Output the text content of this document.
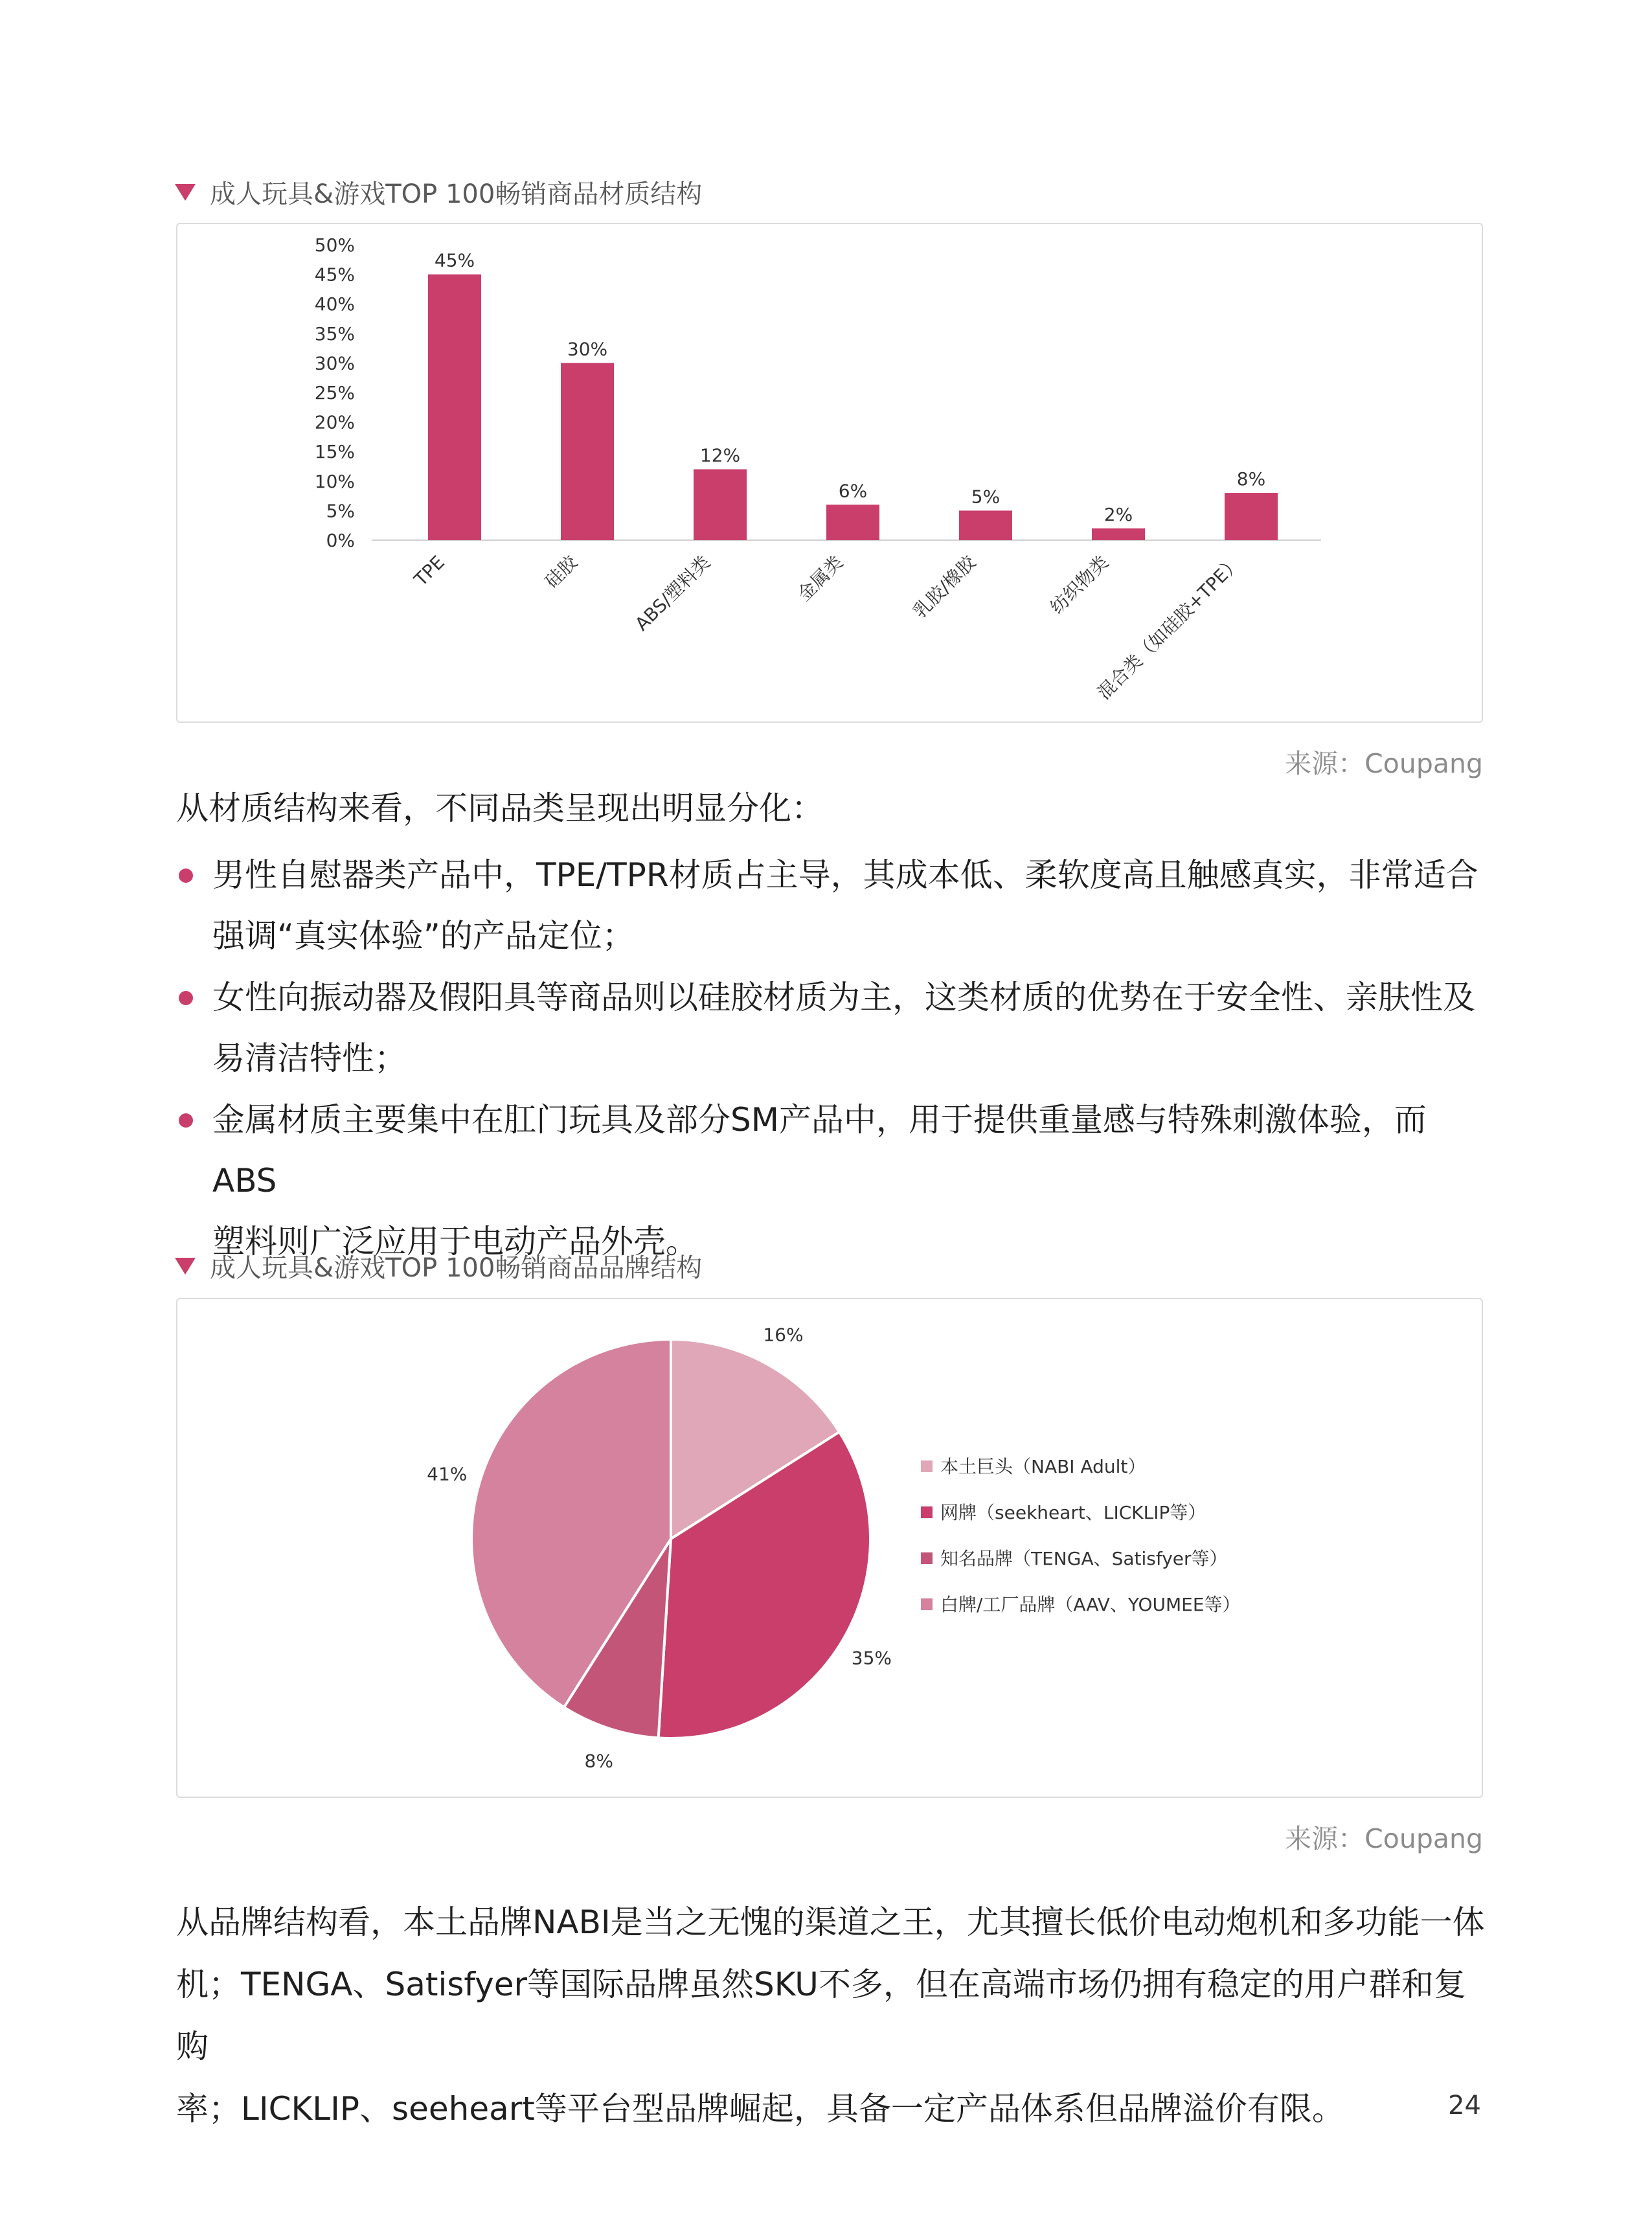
成人玩具&游戏TOP 100畅销商品材质结构
0%
5%
10%
15%
20%
25%
30%
35%
40%
45%
50%
45%
TPE
30%
硅胶
12%
ABS/塑料类
6%
金属类
5%
乳胶/橡胶
2%
纺织物类
8%
混合类（如硅胶+TPE）
来源：Coupang
从材质结构来看，不同品类呈现出明显分化：
男性自慰器类产品中，TPE/TPR材质占主导，其成本低、柔软度高且触感真实，非常适合
强调“真实体验”的产品定位；
女性向振动器及假阳具等商品则以硅胶材质为主，这类材质的优势在于安全性、亲肤性及
易清洁特性；
金属材质主要集中在肛门玩具及部分SM产品中，用于提供重量感与特殊刺激体验，而ABS
塑料则广泛应用于电动产品外壳。
成人玩具&游戏TOP 100畅销商品品牌结构
16%
35%
8%
41%	本土巨头（NABI Adult）
网牌（seekheart、LICKLIP等）
知名品牌（TENGA、Satisfyer等）
白牌/工厂品牌（AAV、YOUMEE等）
来源：Coupang
从品牌结构看，本土品牌NABI是当之无愧的渠道之王，尤其擅长低价电动炮机和多功能一体
机；TENGA、Satisfyer等国际品牌虽然SKU不多，但在高端市场仍拥有稳定的用户群和复购
率；LICKLIP、seeheart等平台型品牌崛起，具备一定产品体系但品牌溢价有限。	24
